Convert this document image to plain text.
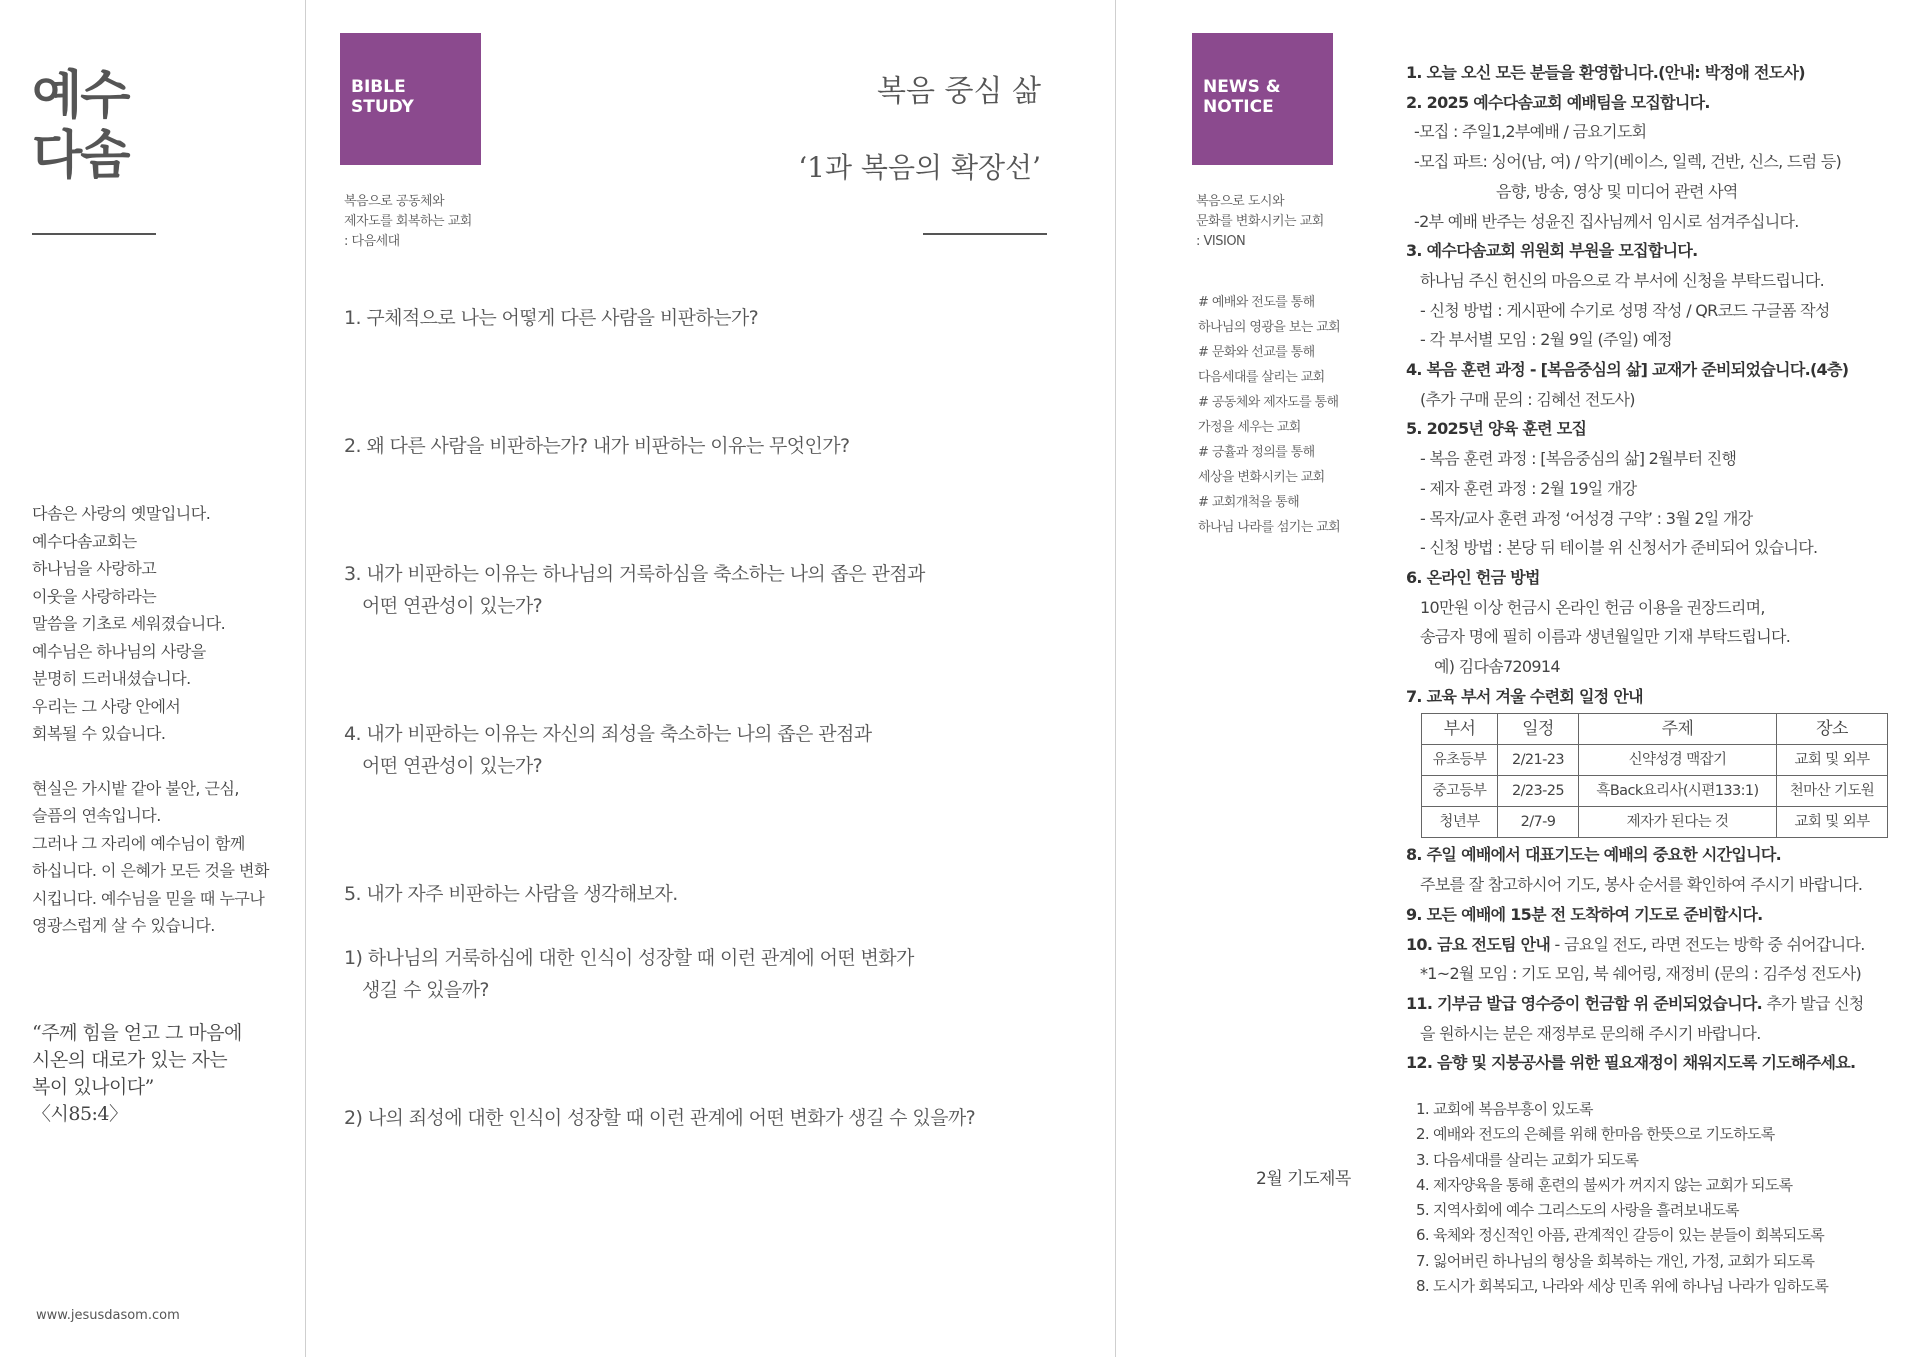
예수
다솜

다솜은 사랑의 옛말입니다.
예수다솜교회는
하나님을 사랑하고
이웃을 사랑하라는
말씀을 기초로 세워졌습니다.
예수님은 하나님의 사랑을
분명히 드러내셨습니다.
우리는 그 사랑 안에서
회복될 수 있습니다.

현실은 가시밭 같아 불안, 근심,
슬픔의 연속입니다.
그러나 그 자리에 예수님이 함께
하십니다. 이 은혜가 모든 것을 변화
시킵니다. 예수님을 믿을 때 누구나
영광스럽게 살 수 있습니다.

“주께 힘을 얻고 그 마음에
시온의 대로가 있는 자는
복이 있나이다”
〈시85:4〉
www.jesusdasom.com
BIBLE
STUDY
복음으로 공동체와
제자도를 회복하는 교회
: 다음세대
복음 중심 삶
‘1과 복음의 확장선’
1. 구체적으로 나는 어떻게 다른 사람을 비판하는가?
2. 왜 다른 사람을 비판하는가? 내가 비판하는 이유는 무엇인가?
3. 내가 비판하는 이유는 하나님의 거룩하심을 축소하는 나의 좁은 관점과
어떤 연관성이 있는가?
4. 내가 비판하는 이유는 자신의 죄성을 축소하는 나의 좁은 관점과
어떤 연관성이 있는가?
5. 내가 자주 비판하는 사람을 생각해보자.
1) 하나님의 거룩하심에 대한 인식이 성장할 때 이런 관계에 어떤 변화가
생길 수 있을까?
2) 나의 죄성에 대한 인식이 성장할 때 이런 관계에 어떤 변화가 생길 수 있을까?
NEWS &
NOTICE
복음으로 도시와
문화를 변화시키는 교회
: VISION
# 예배와 전도를 통해
하나님의 영광을 보는 교회
# 문화와 선교를 통해
다음세대를 살리는 교회
# 공동체와 제자도를 통해
가정을 세우는 교회
# 긍휼과 정의를 통해
세상을 변화시키는 교회
# 교회개척을 통해
하나님 나라를 섬기는 교회
1. 오늘 오신 모든 분들을 환영합니다.(안내: 박정애 전도사)
2. 2025 예수다솜교회 예배팀을 모집합니다.
-모집 : 주일1,2부예배 / 금요기도회
-모집 파트: 싱어(남, 여) / 악기(베이스, 일렉, 건반, 신스, 드럼 등)
음향, 방송, 영상 및 미디어 관련 사역
-2부 예배 반주는 성윤진 집사님께서 임시로 섬겨주십니다.
3. 예수다솜교회 위원회 부원을 모집합니다.
하나님 주신 헌신의 마음으로 각 부서에 신청을 부탁드립니다.
- 신청 방법 : 게시판에 수기로 성명 작성 / QR코드 구글폼 작성
- 각 부서별 모임 : 2월 9일 (주일) 예정
4. 복음 훈련 과정 - [복음중심의 삶] 교재가 준비되었습니다.(4층)
(추가 구매 문의 : 김혜선 전도사)
5. 2025년 양육 훈련 모집
- 복음 훈련 과정 : [복음중심의 삶] 2월부터 진행
- 제자 훈련 과정 : 2월 19일 개강
- 목자/교사 훈련 과정 ‘어성경 구약’ : 3월 2일 개강
- 신청 방법 : 본당 뒤 테이블 위 신청서가 준비되어 있습니다.
6. 온라인 헌금 방법
10만원 이상 헌금시 온라인 헌금 이용을 권장드리며,
송금자 명에 필히 이름과 생년월일만 기재 부탁드립니다.
예) 김다솜720914
7. 교육 부서 겨울 수련회 일정 안내
부서	일정	주제	장소
유초등부	2/21-23	신약성경 맥잡기	교회 및 외부
중고등부	2/23-25	흑Back요리사(시편133:1)	천마산 기도원
청년부	2/7-9	제자가 된다는 것	교회 및 외부
8. 주일 예배에서 대표기도는 예배의 중요한 시간입니다.
주보를 잘 참고하시어 기도, 봉사 순서를 확인하여 주시기 바랍니다.
9. 모든 예배에 15분 전 도착하여 기도로 준비합시다.
10. 금요 전도팀 안내 - 금요일 전도, 라면 전도는 방학 중 쉬어갑니다.
*1~2월 모임 : 기도 모임, 북 쉐어링, 재정비 (문의 : 김주성 전도사)
11. 기부금 발급 영수증이 헌금함 위 준비되었습니다. 추가 발급 신청
을 원하시는 분은 재정부로 문의해 주시기 바랍니다.
12. 음향 및 지붕공사를 위한 필요재정이 채워지도록 기도해주세요.
2월 기도제목
1. 교회에 복음부흥이 있도록
2. 예배와 전도의 은혜를 위해 한마음 한뜻으로 기도하도록
3. 다음세대를 살리는 교회가 되도록
4. 제자양육을 통해 훈련의 불씨가 꺼지지 않는 교회가 되도록
5. 지역사회에 예수 그리스도의 사랑을 흘려보내도록
6. 육체와 정신적인 아픔, 관계적인 갈등이 있는 분들이 회복되도록
7. 잃어버린 하나님의 형상을 회복하는 개인, 가정, 교회가 되도록
8. 도시가 회복되고, 나라와 세상 민족 위에 하나님 나라가 임하도록
